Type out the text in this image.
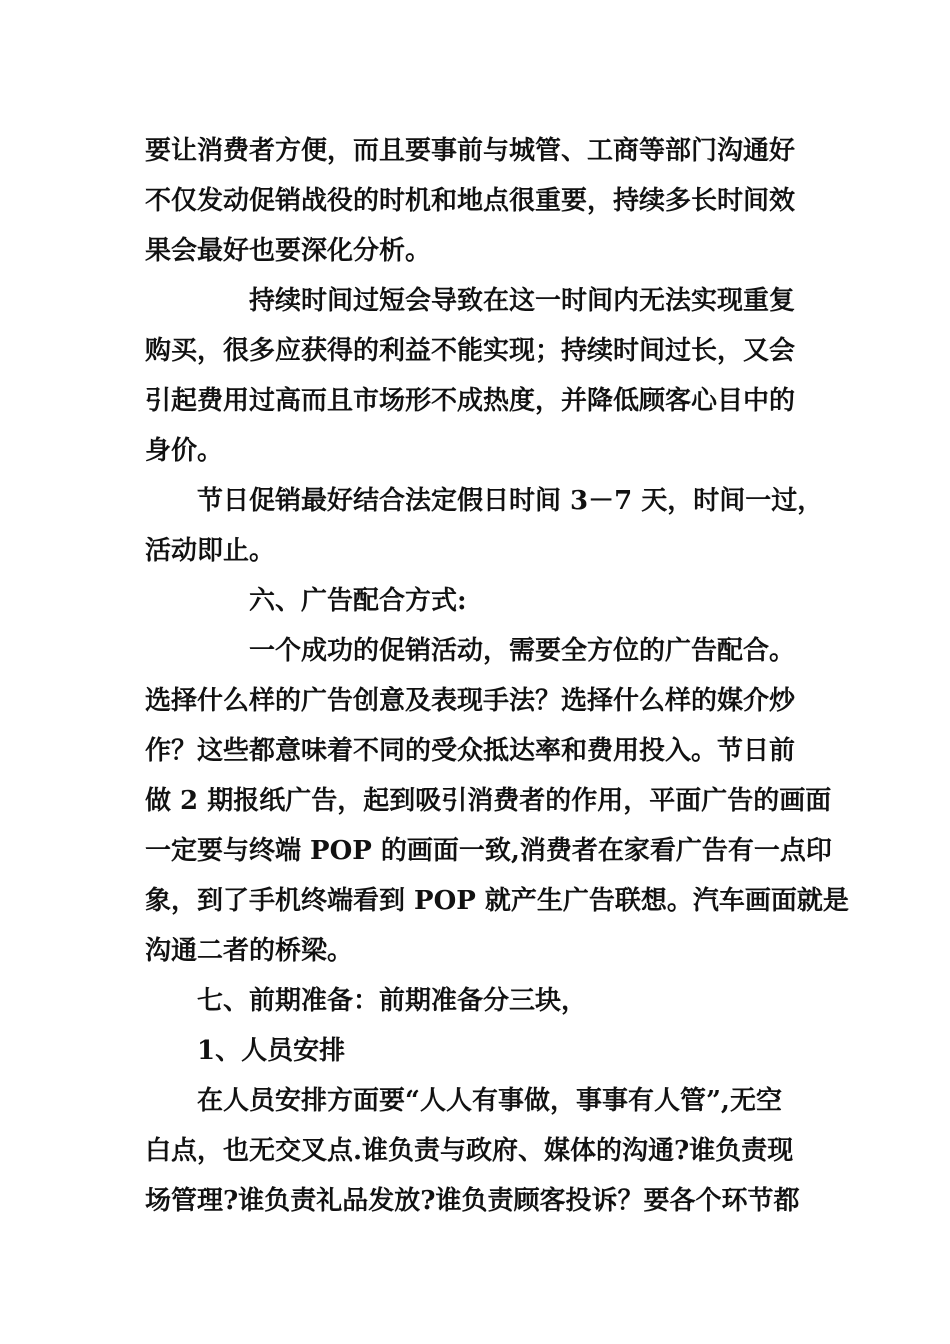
要让消费者方便，而且要事前与城管、工商等部门沟通好
不仅发动促销战役的时机和地点很重要，持续多长时间效
果会最好也要深化分析。
持续时间过短会导致在这一时间内无法实现重复
购买，很多应获得的利益不能实现；持续时间过长，又会
引起费用过高而且市场形不成热度，并降低顾客心目中的
身价。
节日促销最好结合法定假日时间 3－7 天，时间一过，
活动即止。
六、广告配合方式:
一个成功的促销活动，需要全方位的广告配合。
选择什么样的广告创意及表现手法？选择什么样的媒介炒
作？这些都意味着不同的受众抵达率和费用投入。节日前
做 2 期报纸广告，起到吸引消费者的作用，平面广告的画面
一定要与终端 POP 的画面一致,消费者在家看广告有一点印
象，到了手机终端看到 POP 就产生广告联想。汽车画面就是
沟通二者的桥梁。
七、前期准备：前期准备分三块，
1、人员安排
在人员安排方面要“人人有事做，事事有人管”,无空
白点，也无交叉点.谁负责与政府、媒体的沟通?谁负责现
场管理?谁负责礼品发放?谁负责顾客投诉？要各个环节都
